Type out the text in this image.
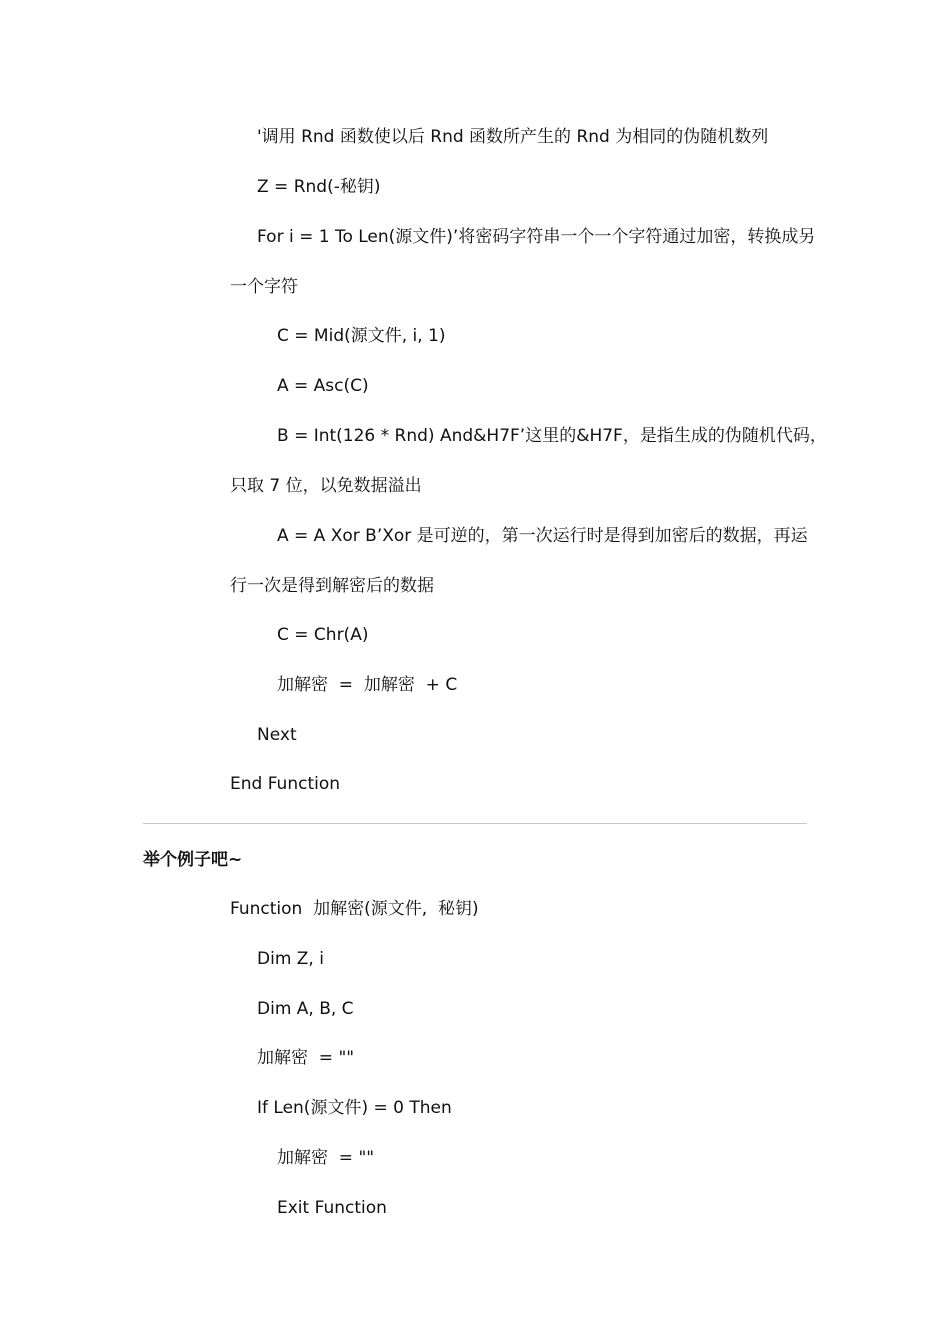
'调用 Rnd 函数使以后 Rnd 函数所产生的 Rnd 为相同的伪随机数列
Z = Rnd(-秘钥)
For i = 1 To Len(源文件)’将密码字符串一个一个字符通过加密，转换成另
一个字符
C = Mid(源文件, i, 1)
A = Asc(C)
B = Int(126 * Rnd) And&H7F’这里的&H7F，是指生成的伪随机代码，
只取 7 位，以免数据溢出
A = A Xor B’Xor 是可逆的，第一次运行时是得到加密后的数据，再运
行一次是得到解密后的数据
C = Chr(A)
加解密  =  加解密  + C
Next
End Function
举个例子吧~
Function  加解密(源文件,  秘钥)
Dim Z, i
Dim A, B, C
加解密  = ""
If Len(源文件) = 0 Then
加解密  = ""
Exit Function
